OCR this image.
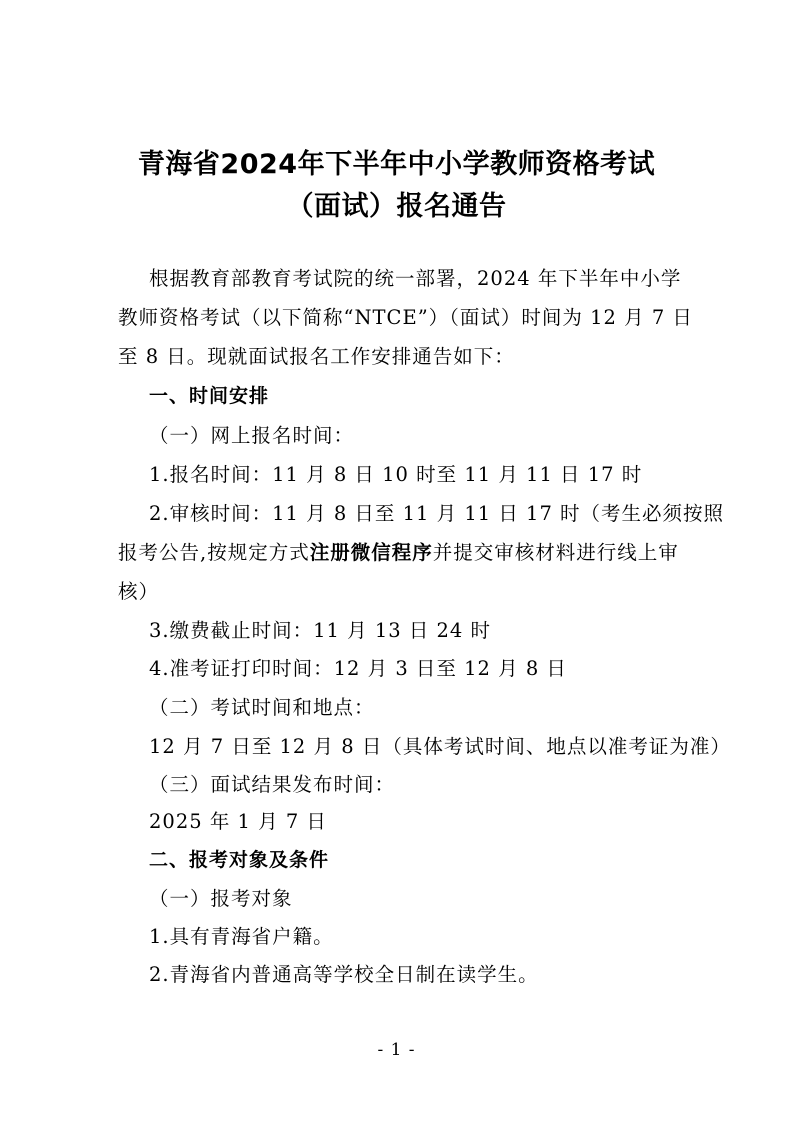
青海省2024年下半年中小学教师资格考试
（面试）报名通告
根据教育部教育考试院的统一部署，2024 年下半年中小学
教师资格考试（以下简称“NTCE”）（面试）时间为 12 月 7 日
至 8 日。现就面试报名工作安排通告如下：
一、时间安排
（一）网上报名时间：
1.报名时间：11 月 8 日 10 时至 11 月 11 日 17 时
2.审核时间：11 月 8 日至 11 月 11 日 17 时（考生必须按照
报考公告,按规定方式注册微信程序并提交审核材料进行线上审
核）
3.缴费截止时间：11 月 13 日 24 时
4.准考证打印时间：12 月 3 日至 12 月 8 日
（二）考试时间和地点：
12 月 7 日至 12 月 8 日（具体考试时间、地点以准考证为准）
（三）面试结果发布时间：
2025 年 1 月 7 日
二、报考对象及条件
（一）报考对象
1.具有青海省户籍。
2.青海省内普通高等学校全日制在读学生。
- 1 -
